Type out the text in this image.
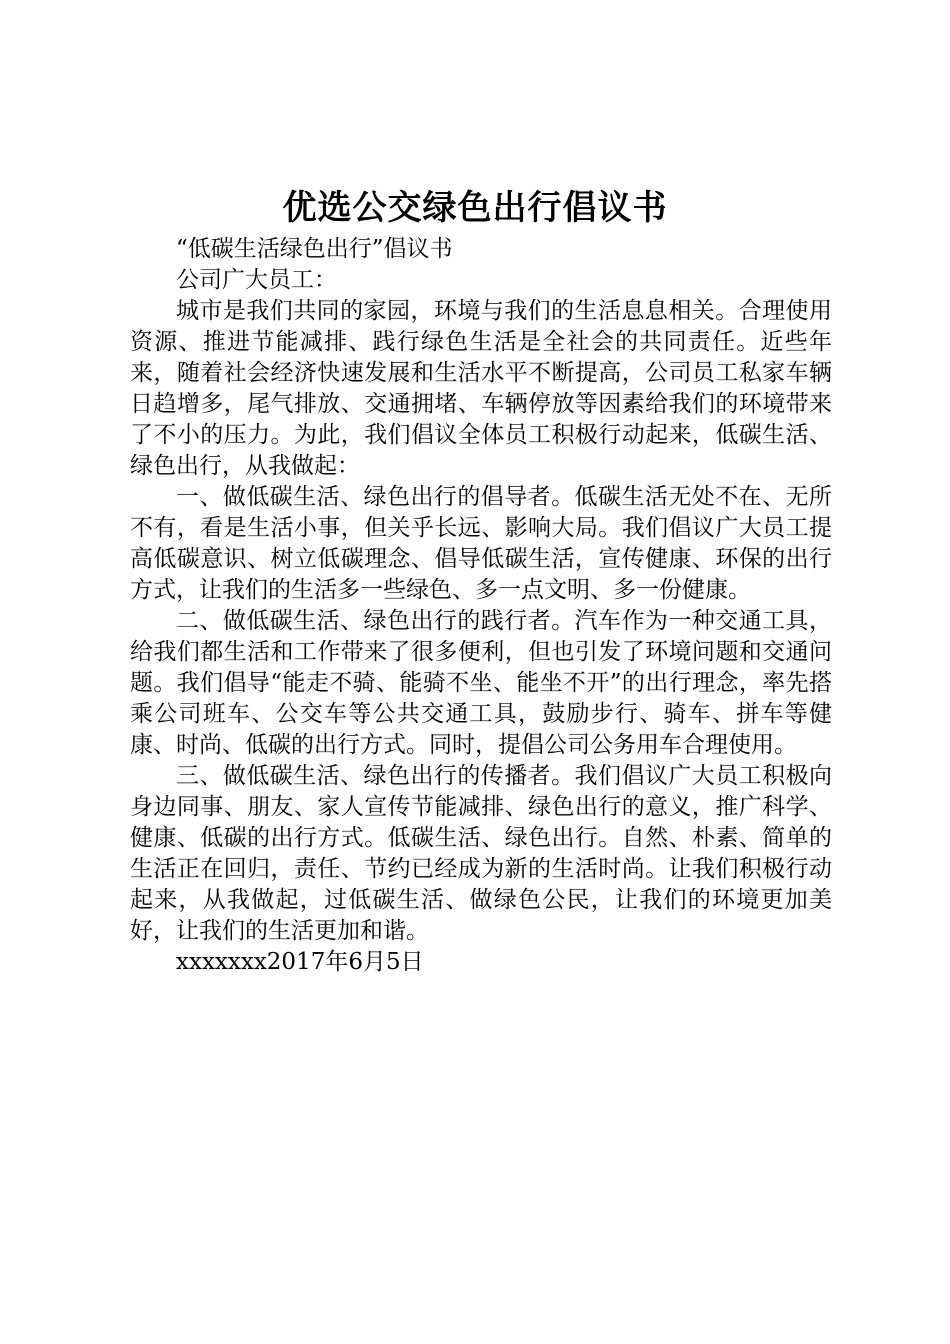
优选公交绿色出行倡议书

“低碳生活绿色出行”倡议书

公司广大员工：

城市是我们共同的家园，环境与我们的生活息息相关。合理使用资源、推进节能减排、践行绿色生活是全社会的共同责任。近些年来，随着社会经济快速发展和生活水平不断提高，公司员工私家车辆日趋增多，尾气排放、交通拥堵、车辆停放等因素给我们的环境带来了不小的压力。为此，我们倡议全体员工积极行动起来，低碳生活、绿色出行，从我做起：

一、做低碳生活、绿色出行的倡导者。低碳生活无处不在、无所不有，看是生活小事，但关乎长远、影响大局。我们倡议广大员工提高低碳意识、树立低碳理念、倡导低碳生活，宣传健康、环保的出行方式，让我们的生活多一些绿色、多一点文明、多一份健康。

二、做低碳生活、绿色出行的践行者。汽车作为一种交通工具，给我们都生活和工作带来了很多便利，但也引发了环境问题和交通问题。我们倡导“能走不骑、能骑不坐、能坐不开”的出行理念，率先搭乘公司班车、公交车等公共交通工具，鼓励步行、骑车、拼车等健康、时尚、低碳的出行方式。同时，提倡公司公务用车合理使用。

三、做低碳生活、绿色出行的传播者。我们倡议广大员工积极向身边同事、朋友、家人宣传节能减排、绿色出行的意义，推广科学、健康、低碳的出行方式。低碳生活、绿色出行。自然、朴素、简单的生活正在回归，责任、节约已经成为新的生活时尚。让我们积极行动起来，从我做起，过低碳生活、做绿色公民，让我们的环境更加美好，让我们的生活更加和谐。

xxxxxxx2017年6月5日
